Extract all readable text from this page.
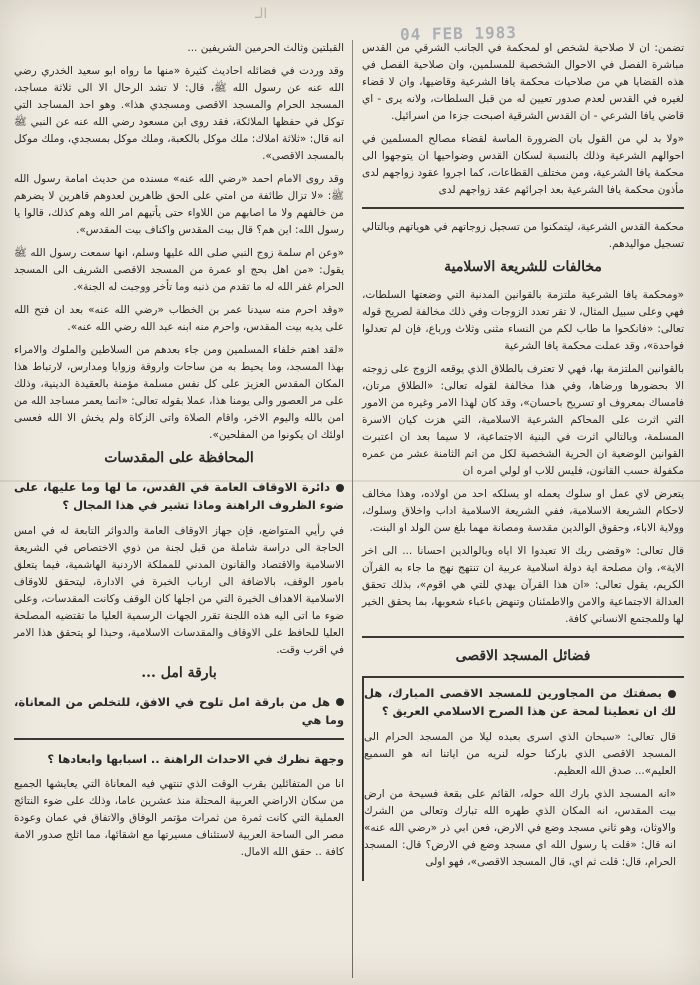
الـ
04 FEB 1983

تضمن: ان لا صلاحية لشخص او لمحكمة في الجانب الشرقي من القدس مباشرة الفصل في الاحوال الشخصية للمسلمين، وان صلاحية الفصل في هذه القضايا هي من صلاحيات محكمة يافا الشرعية وقاضيها، وان لا قضاء لغيره في القدس لعدم صدور تعيين له من قبل السلطات، ولانه يرى - اي قاضي يافا الشرعي - ان القدس الشرقية اصبحت جزءا من اسرائيل.

«ولا بد لي من القول بان الضرورة الماسة لقضاء مصالح المسلمين في احوالهم الشرعية وذلك بالنسبة لسكان القدس وضواحيها ان يتوجهوا الى محكمة يافا الشرعية، ومن مختلف القطاعات، كما اجروا عقود زواجهم لدى مأذون محكمة يافا الشرعية بعد اجرائهم عقد زواجهم لدى

محكمة القدس الشرعية، ليتمكنوا من تسجيل زوجاتهم في هوياتهم وبالتالي تسجيل مواليدهم.

مخالفات للشريعة الاسلامية

«ومحكمة يافا الشرعية ملتزمة بالقوانين المدنية التي وضعتها السلطات، فهي وعلى سبيل المثال، لا تقر تعدد الزوجات وفي ذلك مخالفة لصريح قوله تعالى: «فانكحوا ما طاب لكم من النساء مثنى وثلاث ورباع، فإن لم تعدلوا فواحدة»، وقد عملت محكمة يافا الشرعية

بالقوانين الملتزمة بها، فهي لا تعترف بالطلاق الذي يوقعه الزوج على زوجته الا بحضورها ورضاها، وفي هذا مخالفة لقوله تعالى: «الطلاق مرتان، فامساك بمعروف او تسريح باحسان»، وقد كان لهذا الامر وغيره من الامور التي اثرت على المحاكم الشرعية الاسلامية، التي هزت كيان الاسرة المسلمة، وبالتالي اثرت في البنية الاجتماعية، لا سيما بعد ان اعتبرت القوانين الوضعية ان الحرية الشخصية لكل من اتم الثامنة عشر من عمره مكفولة حسب القانون، فليس للاب او لولي امره ان

يتعرض لاي عمل او سلوك يعمله او يسلكه احد من اولاده، وهذا مخالف لاحكام الشريعة الاسلامية، ففي الشريعة الاسلامية اداب واخلاق وسلوك، وولاية الاباء، وحقوق الوالدين مقدسة ومصانة مهما بلغ سن الولد او البنت.

قال تعالى: «وقضى ربك الا تعبدوا الا اياه وبالوالدين احسانا ... الى اخر الاية»، وان مصلحة اية دولة اسلامية عربية ان تنتهج نهج ما جاء به القرآن الكريم، يقول تعالى: «ان هذا القرآن يهدي للتي هي اقوم»، بذلك تحقق العدالة الاجتماعية والامن والاطمئنان وتنهض باعباء شعوبها، بما يحقق الخير لها وللمجتمع الانساني كافة.

فضائل المسجد الاقصى
بصفتك من المجاورين للمسجد الاقصى المبارك، هل لك ان تعطينا لمحة عن هذا الصرح الاسلامي العريق ؟

قال تعالى: «سبحان الذي اسرى بعبده ليلا من المسجد الحرام الى المسجد الاقصى الذي باركنا حوله لنريه من اياتنا انه هو السميع العليم»... صدق الله العظيم.

«انه المسجد الذي بارك الله حوله، القائم على بقعة فسيحة من ارض بيت المقدس، انه المكان الذي طهره الله تبارك وتعالى من الشرك والاوثان، وهو ثاني مسجد وضع في الارض، فعن ابي ذر «رضي الله عنه» انه قال: «قلت يا رسول الله اي مسجد وضع في الارض؟ قال: المسجد الحرام، قال: قلت ثم اي، قال المسجد الاقصى»، فهو اولى

القبلتين وثالث الحرمين الشريفين ...

وقد وردت في فضائله احاديث كثيرة «منها ما رواه ابو سعيد الخدري رضي الله عنه عن رسول الله ﷺ، قال: لا تشد الرحال الا الى ثلاثة مساجد، المسجد الحرام والمسجد الاقصى ومسجدي هذا». وهو احد المساجد التي توكل في حفظها الملائكة، فقد روى ابن مسعود رضي الله عنه عن النبي ﷺ انه قال: «ثلاثة املاك: ملك موكل بالكعبة، وملك موكل بمسجدي، وملك موكل بالمسجد الاقصى».

وقد روى الامام احمد «رضي الله عنه» مسنده من حديث امامة رسول الله ﷺ: «لا تزال طائفة من امتي على الحق ظاهرين لعدوهم قاهرين لا يضرهم من خالفهم ولا ما اصابهم من اللاواء حتى يأتيهم امر الله وهم كذلك، قالوا يا رسول الله: اين هم؟ قال بيت المقدس واكناف بيت المقدس».

«وعن ام سلمة زوج النبي صلى الله عليها وسلم، انها سمعت رسول الله ﷺ يقول: «من اهل بحج او عمرة من المسجد الاقصى الشريف الى المسجد الحرام غفر الله له ما تقدم من ذنبه وما تأخر ووجبت له الجنة».

«وقد احرم منه سيدنا عمر بن الخطاب «رضي الله عنه» بعد ان فتح الله على يديه بيت المقدس، واحرم منه ابنه عبد الله رضي الله عنه».

«لقد اهتم خلفاء المسلمين ومن جاء بعدهم من السلاطين والملوك والامراء بهذا المسجد، وما يحيط به من ساحات واروقة وزوايا ومدارس، لارتباط هذا المكان المقدس العزيز على كل نفس مسلمة مؤمنة بالعقيدة الدينية، وذلك على مر العصور والى يومنا هذا، عملا بقوله تعالى: «انما يعمر مساجد الله من امن بالله واليوم الاخر، واقام الصلاة واتى الزكاة ولم يخش الا الله فعسى اولئك ان يكونوا من المفلحين».

المحافظة على المقدسات
دائرة الاوقاف العامة في القدس، ما لها وما عليها، على ضوء الظروف الراهنة وماذا تشير في هذا المجال ؟

في رأيي المتواضع، فإن جهاز الاوقاف العامة والدوائر التابعة له في امس الحاجة الى دراسة شاملة من قبل لجنة من ذوي الاختصاص في الشريعة الاسلامية والاقتصاد والقانون المدني للمملكة الاردنية الهاشمية، فيما يتعلق بامور الوقف، بالاضافة الى ارباب الخبرة في الادارة، ليتحقق للاوقاف الاسلامية الاهداف الخيرة التي من اجلها كان الوقف وكانت المقدسات، وعلى ضوء ما اتى اليه هذه اللجنة تقرر الجهات الرسمية العليا ما تقتضيه المصلحة العليا للحافظ على الاوقاف والمقدسات الاسلامية، وحبذا لو يتحقق هذا الامر في اقرب وقت.

بارقة امل ...
هل من بارقة امل تلوح في الافق، للتخلص من المعاناة، وما هي
وجهة نظرك في الاحداث الراهنة .. اسبابها وابعادها ؟

انا من المتفائلين بقرب الوقت الذي تنتهي فيه المعاناة التي يعايشها الجميع من سكان الاراضي العربية المحتلة منذ عشرين عاما، وذلك على ضوء النتائج العملية التي كانت ثمرة من ثمرات مؤتمر الوفاق والاتفاق في عمان وعودة مصر الى الساحة العربية لاستئناف مسيرتها مع اشقائها، مما اثلج صدور الامة كافة .. حقق الله الامال.
